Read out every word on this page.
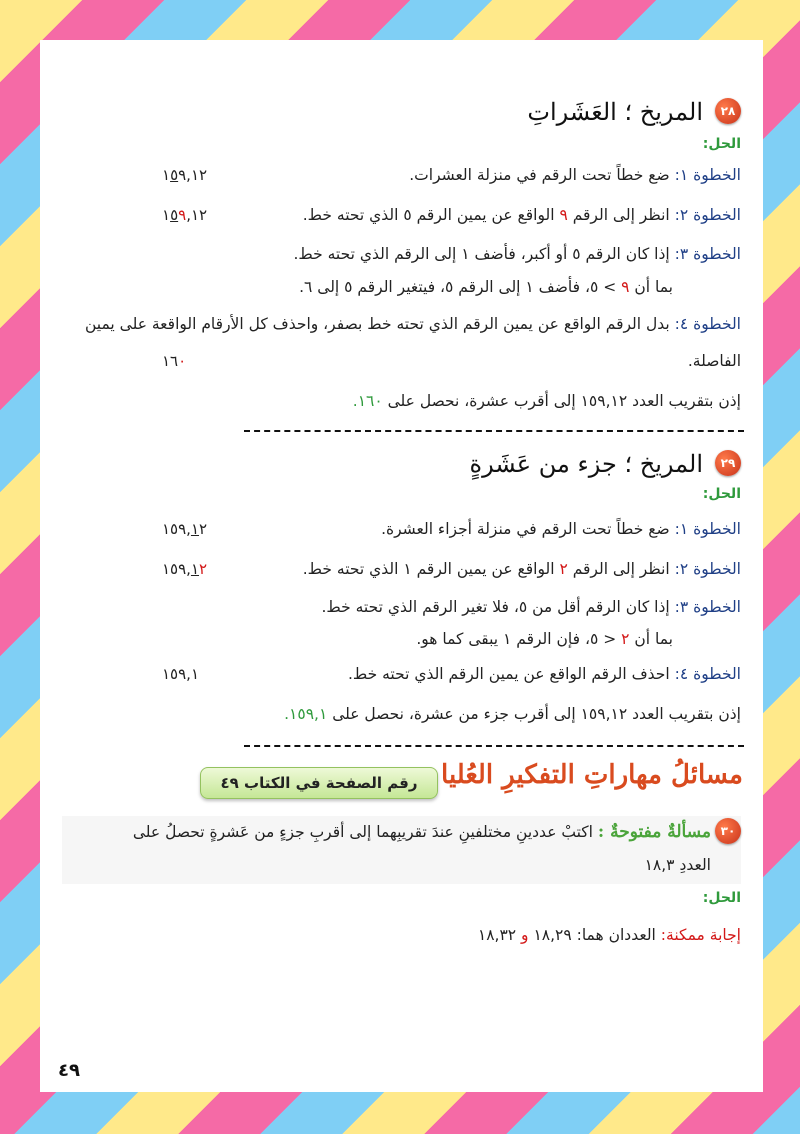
٢٨
المريخ ؛ العَشَراتِ
الحل:
الخطوة ١: ضع خطاً تحت الرقم في منزلة العشرات.
١٥٩,١٢
الخطوة ٢: انظر إلى الرقم ٩ الواقع عن يمين الرقم ٥ الذي تحته خط.
١٥٩,١٢
الخطوة ٣: إذا كان الرقم ٥ أو أكبر، فأضف ١ إلى الرقم الذي تحته خط.
بما أن ٩ > ٥، فأضف ١ إلى الرقم ٥، فيتغير الرقم ٥ إلى ٦.
الخطوة ٤: بدل الرقم الواقع عن يمين الرقم الذي تحته خط بصفر، واحذف كل الأرقام الواقعة على يمين
الفاصلة.
١٦٠
إذن بتقريب العدد ١٥٩,١٢ إلى أقرب عشرة، نحصل على ١٦٠.
٢٩
المريخ ؛ جزء من عَشَرةٍ
الحل:
الخطوة ١: ضع خطاً تحت الرقم في منزلة أجزاء العشرة.
١٥٩,١٢
الخطوة ٢: انظر إلى الرقم ٢ الواقع عن يمين الرقم ١ الذي تحته خط.
١٥٩,١٢
الخطوة ٣: إذا كان الرقم أقل من ٥، فلا تغير الرقم الذي تحته خط.
بما أن ٢ < ٥، فإن الرقم ١ يبقى كما هو.
الخطوة ٤: احذف الرقم الواقع عن يمين الرقم الذي تحته خط.
١٥٩,١
إذن بتقريب العدد ١٥٩,١٢ إلى أقرب جزء من عشرة، نحصل على ١٥٩,١.
مسائلُ مهاراتِ التفكيرِ العُليا
رقم الصفحة في الكتاب ٤٩
٣٠
مسألةٌ مفتوحةٌ : اكتبْ عددينِ مختلفينِ عندَ تقريبِهما إلى أقربِ جزءٍ من عَشرةٍ تحصلُ على
العددِ ١٨,٣
الحل:
إجابة ممكنة: العددان هما: ١٨,٢٩ و ١٨,٣٢
٤٩
